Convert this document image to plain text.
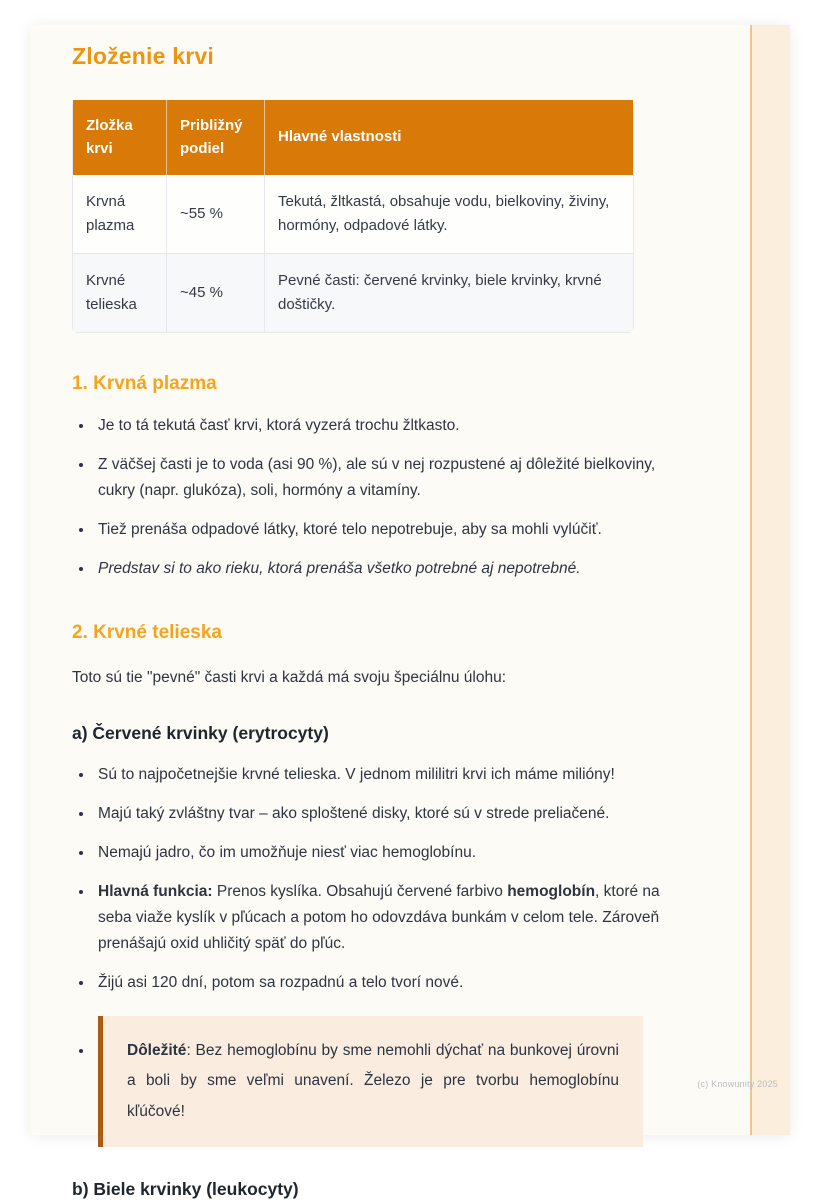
Zloženie krvi
Zložka krvi	Približný podiel	Hlavné vlastnosti
Krvná plazma	~55 %	Tekutá, žltkastá, obsahuje vodu, bielkoviny, živiny, hormóny, odpadové látky.
Krvné telieska	~45 %	Pevné časti: červené krvinky, biele krvinky, krvné doštičky.
1. Krvná plazma
• Je to tá tekutá časť krvi, ktorá vyzerá trochu žltkasto.
• Z väčšej časti je to voda (asi 90 %), ale sú v nej rozpustené aj dôležité bielkoviny, cukry (napr. glukóza), soli, hormóny a vitamíny.
• Tiež prenáša odpadové látky, ktoré telo nepotrebuje, aby sa mohli vylúčiť.
• Predstav si to ako rieku, ktorá prenáša všetko potrebné aj nepotrebné.
2. Krvné telieska

Toto sú tie "pevné" časti krvi a každá má svoju špeciálnu úlohu:

a) Červené krvinky (erytrocyty)
• Sú to najpočetnejšie krvné telieska. V jednom mililitri krvi ich máme milióny!
• Majú taký zvláštny tvar – ako sploštené disky, ktoré sú v strede preliačené.
• Nemajú jadro, čo im umožňuje niesť viac hemoglobínu.
• Hlavná funkcia: Prenos kyslíka. Obsahujú červené farbivo hemoglobín, ktoré na seba viaže kyslík v pľúcach a potom ho odovzdáva bunkám v celom tele. Zároveň prenášajú oxid uhličitý späť do pľúc.
• Žijú asi 120 dní, potom sa rozpadnú a telo tvorí nové.
• Dôležité: Bez hemoglobínu by sme nemohli dýchať na bunkovej úrovni a boli by sme veľmi unavení. Železo je pre tvorbu hemoglobínu kľúčové!
b) Biele krvinky (leukocyty)
(c) Knowunity 2025
